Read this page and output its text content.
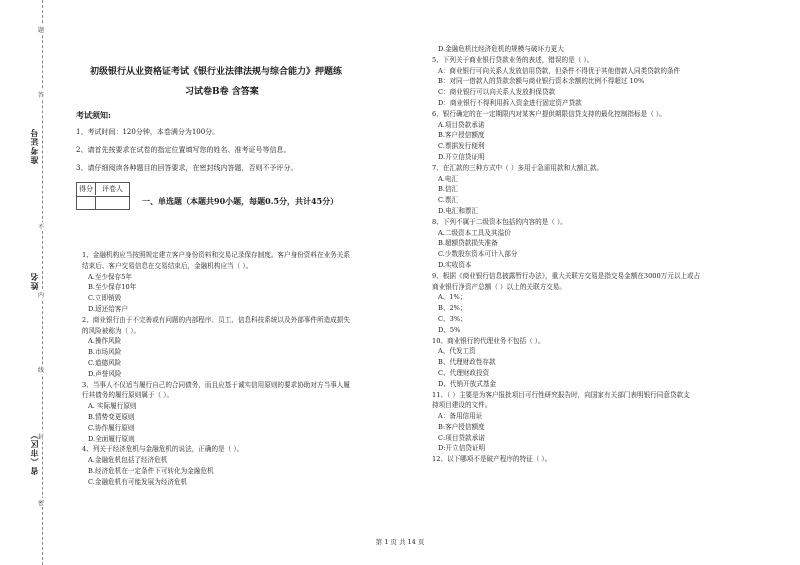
题
答
不
内
线
封
密
准考证号
姓名
省（市区）
初级银行从业资格证考试《银行业法律法规与综合能力》押题练
习试卷B卷 含答案
考试须知:
1、考试时间：120分钟，本卷满分为100分。
2、请首先按要求在试卷的指定位置填写您的姓名、准考证号等信息。
3、请仔细阅读各种题目的回答要求，在密封线内答题，否则不予评分。
得分	评卷人
一、单选题（本题共90小题，每题0.5分，共计45分）
1、金融机构应当按照规定建立客户身份资料和交易记录保存制度。客户身份资料在业务关系
结束后、客户交易信息在交易结束后，金融机构应当（ ）。
A.至少保存5年
B.至少保存10年
C.立即销毁
D.返还给客户
2、商业银行由于不完善或有问题的内部程序、员工、信息科技系统以及外部事件所造成损失
的风险被称为（ ）。
A.操作风险
B.市场风险
C.道德风险
D.声誉风险
3、当事人不仅适当履行自己的合同债务，而且应基于诚实信用原则的要求协助对方当事人履
行其债务的履行原则属于（ ）。
A. 实际履行原则
B.情势变更原则
C.协作履行原则
D.全面履行原则
4、列关于经济危机与金融危机的说法，正确的是（ ）。
A.金融危机包括了经济危机
B.经济危机在一定条件下可转化为金融危机
C.金融危机有可能发展为经济危机
D.金融危机比经济危机的规模与破坏力更大
5、下列关于商业银行贷款业务的表述，错误的是（ ）。
A：商业银行可向关系人发放信用贷款，但条件不得优于其他借款人同类贷款的条件
B：对同一借款人的贷款余额与商业银行资本余额的比例不得超过 10%
C：商业银行可以向关系人发放担保贷款
D：商业银行不得利用拆入资金进行固定资产贷款
6、银行确定的在一定期限内对某客户提供期限信贷支持的最化控制指标是（ ）。
A.项目贷款承诺
B.客户授信额度
C.票据发行便利
D.开立信贷证明
7、在汇款的三种方式中（ ）多用于急需用款和大额汇款。
A.电汇
B.信汇
C.票汇
D.电汇和票汇
8、下列不属于二级资本包括的内容的是（ ）。
A.二级资本工具及其溢价
B.超额贷款损失准备
C.少数股东资本可计入部分
D.实收资本
9、根据《商业银行信息披露暂行办法》，重大关联方交易是指交易金额在3000万元以上或占
商业银行净资产总额（ ）以上的关联方交易。
A、1%；
B、2%；
C、3%；
D、5%
10、商业银行的代理业务不包括（ ）。
A、代发工资
B、代理财政性存款
C、代理财政投资
D、代销开放式基金
11、（ ）主要是为客户报批项目可行性研究报告时，向国家有关部门表明银行同意贷款支
持项目建设的文件。
A：备用信用证
B:客户授信额度
C:项目贷款承诺
D:开立信贷证明
12、以下哪项不是破产程序的特征（ ）。
第 1 页 共 14 页
